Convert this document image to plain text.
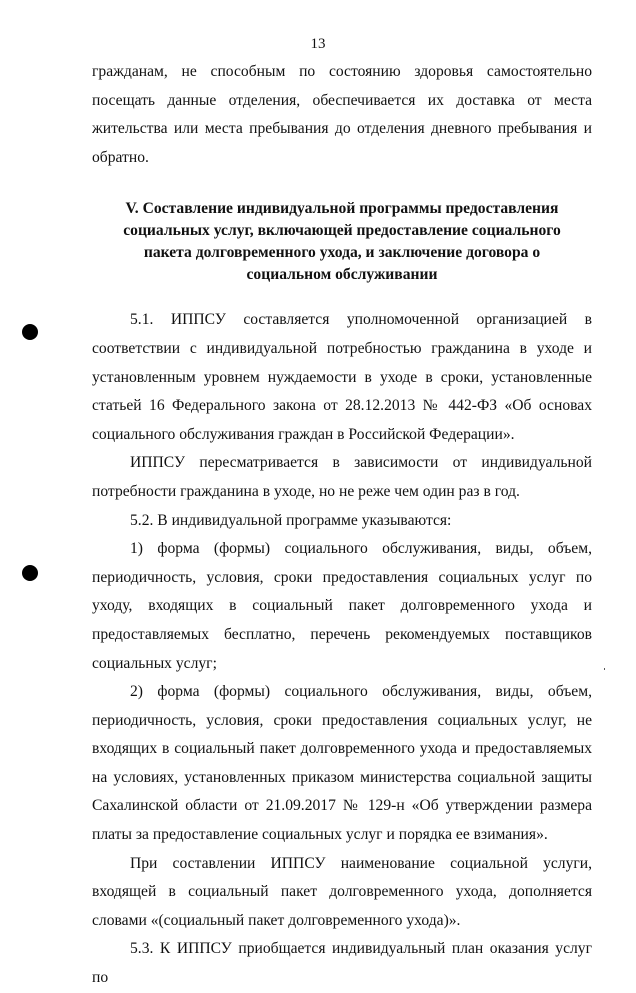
13

гражданам, не способным по состоянию здоровья самостоятельно посещать данные отделения, обеспечивается их доставка от места жительства или места пребывания до отделения дневного пребывания и обратно.

V. Составление индивидуальной программы предоставления социальных услуг, включающей предоставление социального пакета долговременного ухода, и заключение договора о социальном обслуживании

5.1. ИППСУ составляется уполномоченной организацией в соответствии с индивидуальной потребностью гражданина в уходе и установленным уровнем нуждаемости в уходе в сроки, установленные статьей 16 Федерального закона от 28.12.2013 № 442-ФЗ «Об основах социального обслуживания граждан в Российской Федерации».

ИППСУ пересматривается в зависимости от индивидуальной потребности гражданина в уходе, но не реже чем один раз в год.

5.2. В индивидуальной программе указываются:

1) форма (формы) социального обслуживания, виды, объем, периодичность, условия, сроки предоставления социальных услуг по уходу, входящих в социальный пакет долговременного ухода и предоставляемых бесплатно, перечень рекомендуемых поставщиков социальных услуг;

2) форма (формы) социального обслуживания, виды, объем, периодичность, условия, сроки предоставления социальных услуг, не входящих в социальный пакет долговременного ухода и предоставляемых на условиях, установленных приказом министерства социальной защиты Сахалинской области от 21.09.2017 № 129-н «Об утверждении размера платы за предоставление социальных услуг и порядка ее взимания».

При составлении ИППСУ наименование социальной услуги, входящей в социальный пакет долговременного ухода, дополняется словами «(социальный пакет долговременного ухода)».

5.3. К ИППСУ приобщается индивидуальный план оказания услуг по
